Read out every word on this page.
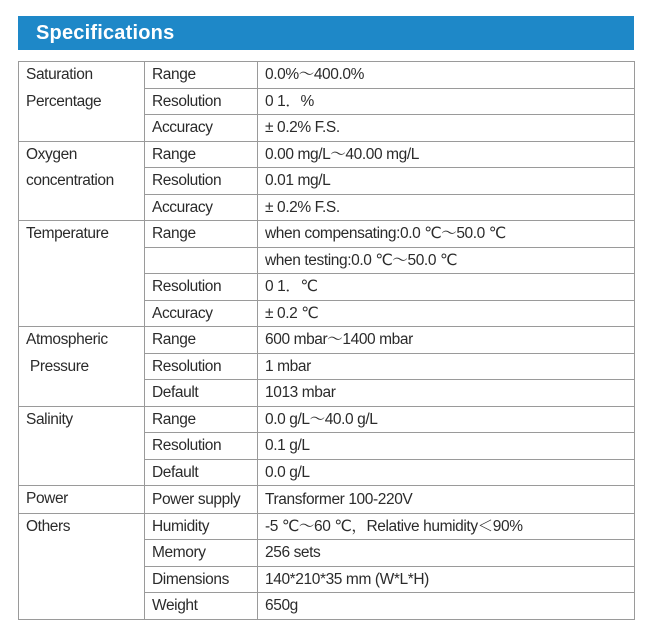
Specifications
Saturation
Percentage	Range	0.0%～400.0%
	Resolution	0 1．%
	Accuracy	± 0.2% F.S.

Oxygen
concentration	Range	0.00 mg/L～40.00 mg/L
	Resolution	0.01 mg/L
	Accuracy	± 0.2% F.S.

Temperature	Range	when compensating:0.0 ℃～50.0 ℃
		when testing:0.0 ℃～50.0 ℃
	Resolution	0 1．℃
	Accuracy	± 0.2 ℃

Atmospheric
Pressure	Range	600 mbar～1400 mbar
	Resolution	1 mbar
	Default	1013 mbar

Salinity	Range	0.0 g/L～40.0 g/L
	Resolution	0.1 g/L
	Default	0.0 g/L

Power	Power supply	Transformer 100-220V

Others	Humidity	-5 ℃～60 ℃，Relative humidity＜90%
	Memory	256 sets
	Dimensions	140*210*35 mm (W*L*H)
	Weight	650g
